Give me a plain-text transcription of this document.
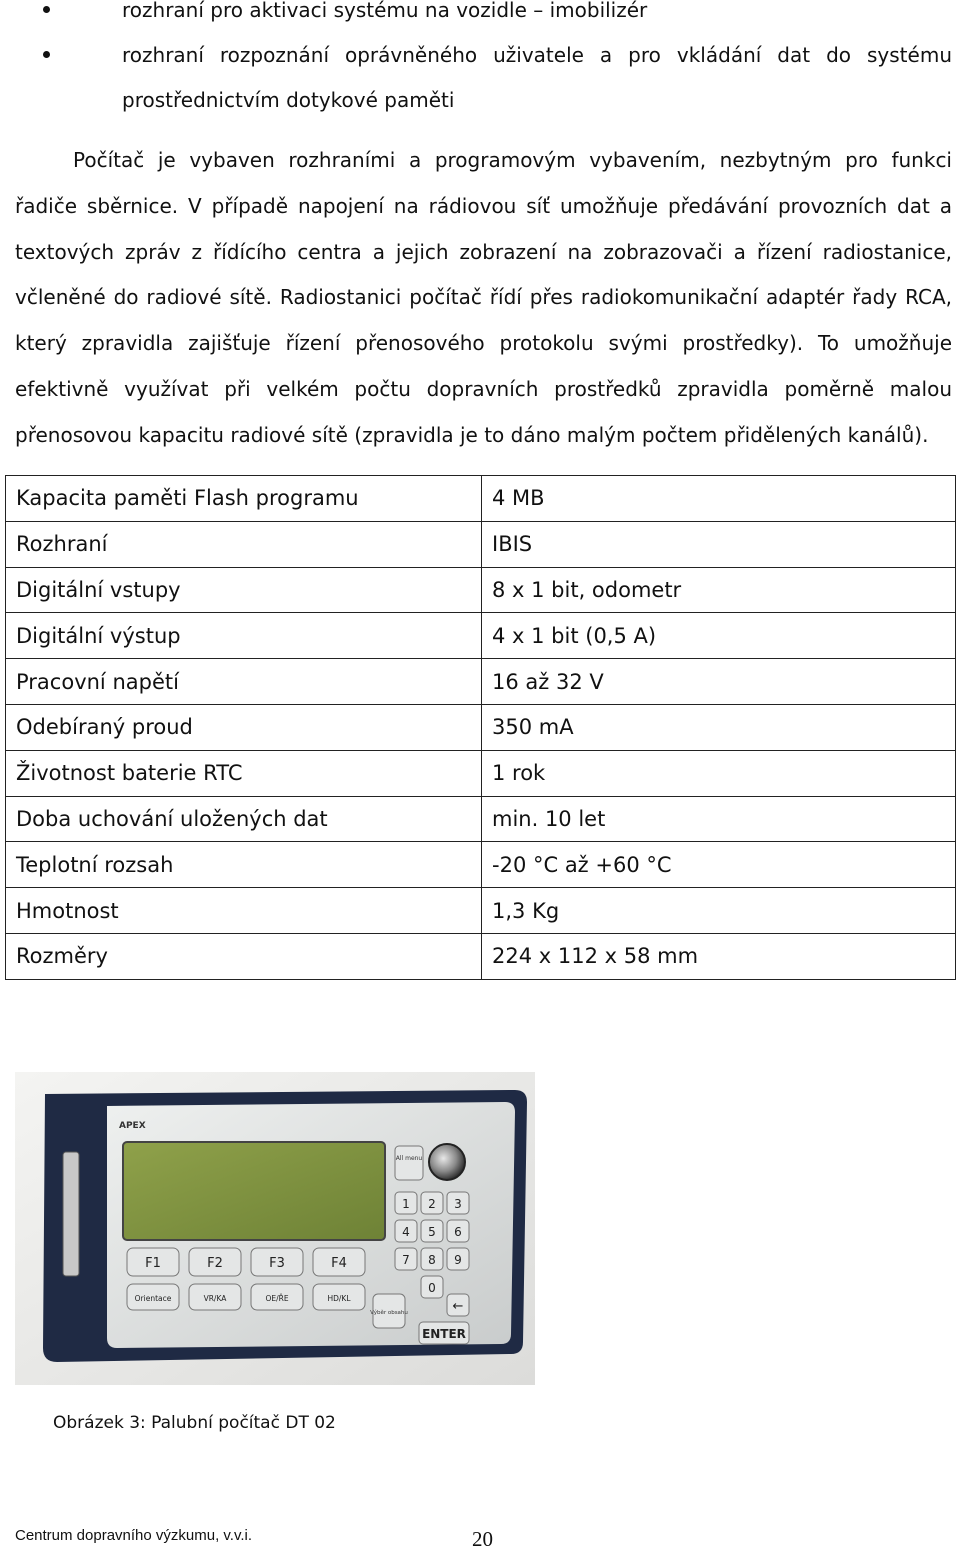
rozhraní pro aktivaci systému na vozidle – imobilizér
rozhraní rozpoznání oprávněného uživatele a pro vkládání dat do systému prostřednictvím dotykové paměti
Počítač je vybaven rozhraními a programovým vybavením, nezbytným pro funkci řadiče sběrnice. V případě napojení na rádiovou síť umožňuje předávání provozních dat a textových zpráv z řídícího centra a jejich zobrazení na zobrazovači a řízení radiostanice, včleněné do radiové sítě. Radiostanici počítač řídí přes radiokomunikační adaptér řady RCA, který zpravidla zajišťuje řízení přenosového protokolu svými prostředky). To umožňuje efektivně využívat při velkém počtu dopravních prostředků zpravidla poměrně malou přenosovou kapacitu radiové sítě (zpravidla je to dáno malým počtem přidělených kanálů).
Kapacita paměti Flash programu	4 MB
Rozhraní	IBIS
Digitální vstupy	8 x 1 bit, odometr
Digitální výstup	4 x 1 bit (0,5 A)
Pracovní napětí	16 až 32 V
Odebíraný proud	350 mA
Životnost baterie RTC	1 rok
Doba uchování uložených dat	min. 10 let
Teplotní rozsah	-20 °C až +60 °C
Hmotnost	1,3 Kg
Rozměry	224 x 112 x 58 mm
APEX
All menu
F1	F2	F3	F4
Orientace	VR/KA	OE/ŘE	HD/KL
Výběr obsahu
1 2 3
4 5 6
7 8 9
0
←
ENTER
Obrázek 3: Palubní počítač DT 02
Centrum dopravního výzkumu, v.v.i.	20
